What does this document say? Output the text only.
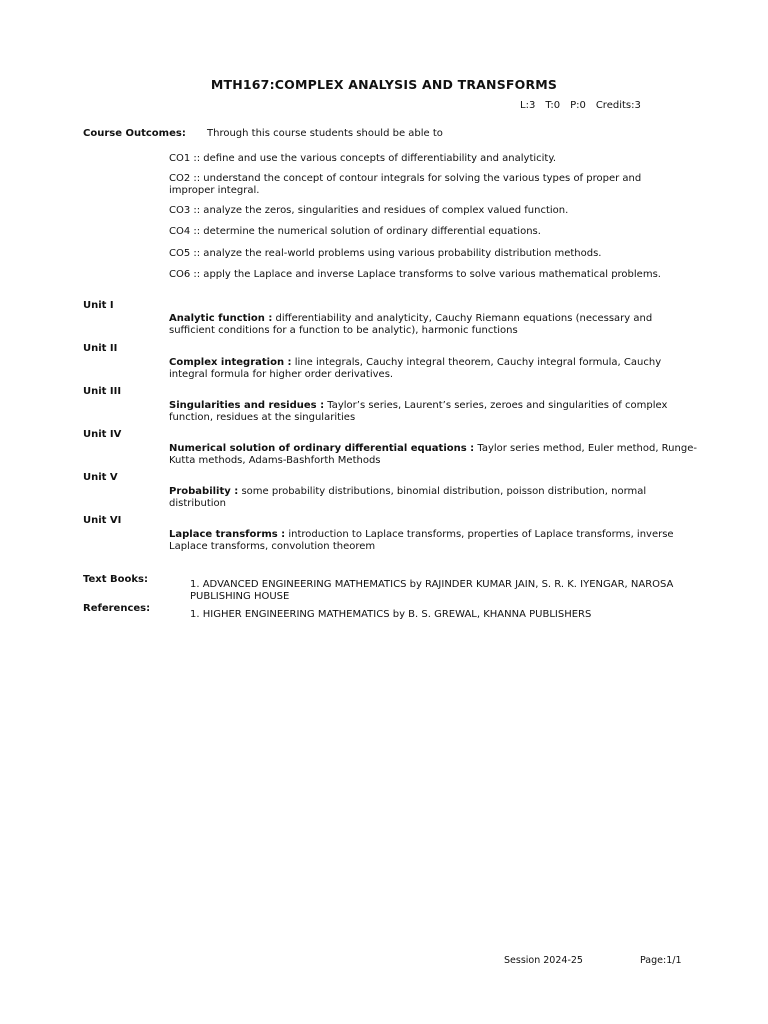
MTH167:COMPLEX ANALYSIS AND TRANSFORMS
L:3 T:0 P:0 Credits:3
Course Outcomes: Through this course students should be able to
CO1 :: define and use the various concepts of differentiability and analyticity.
CO2 :: understand the concept of contour integrals for solving the various types of proper and improper integral.
CO3 :: analyze the zeros, singularities and residues of complex valued function.
CO4 :: determine the numerical solution of ordinary differential equations.
CO5 :: analyze the real-world problems using various probability distribution methods.
CO6 :: apply the Laplace and inverse Laplace transforms to solve various mathematical problems.
Unit I
Analytic function : differentiability and analyticity, Cauchy Riemann equations (necessary and sufficient conditions for a function to be analytic), harmonic functions
Unit II
Complex integration : line integrals, Cauchy integral theorem, Cauchy integral formula, Cauchy integral formula for higher order derivatives.
Unit III
Singularities and residues : Taylor’s series, Laurent’s series, zeroes and singularities of complex function, residues at the singularities
Unit IV
Numerical solution of ordinary differential equations : Taylor series method, Euler method, Runge-Kutta methods, Adams-Bashforth Methods
Unit V
Probability : some probability distributions, binomial distribution, poisson distribution, normal distribution
Unit VI
Laplace transforms : introduction to Laplace transforms, properties of Laplace transforms, inverse Laplace transforms, convolution theorem
Text Books:	1. ADVANCED ENGINEERING MATHEMATICS by RAJINDER KUMAR JAIN, S. R. K. IYENGAR, NAROSA PUBLISHING HOUSE
References:
1. HIGHER ENGINEERING MATHEMATICS by B. S. GREWAL, KHANNA PUBLISHERS
Session 2024-25	Page:1/1
